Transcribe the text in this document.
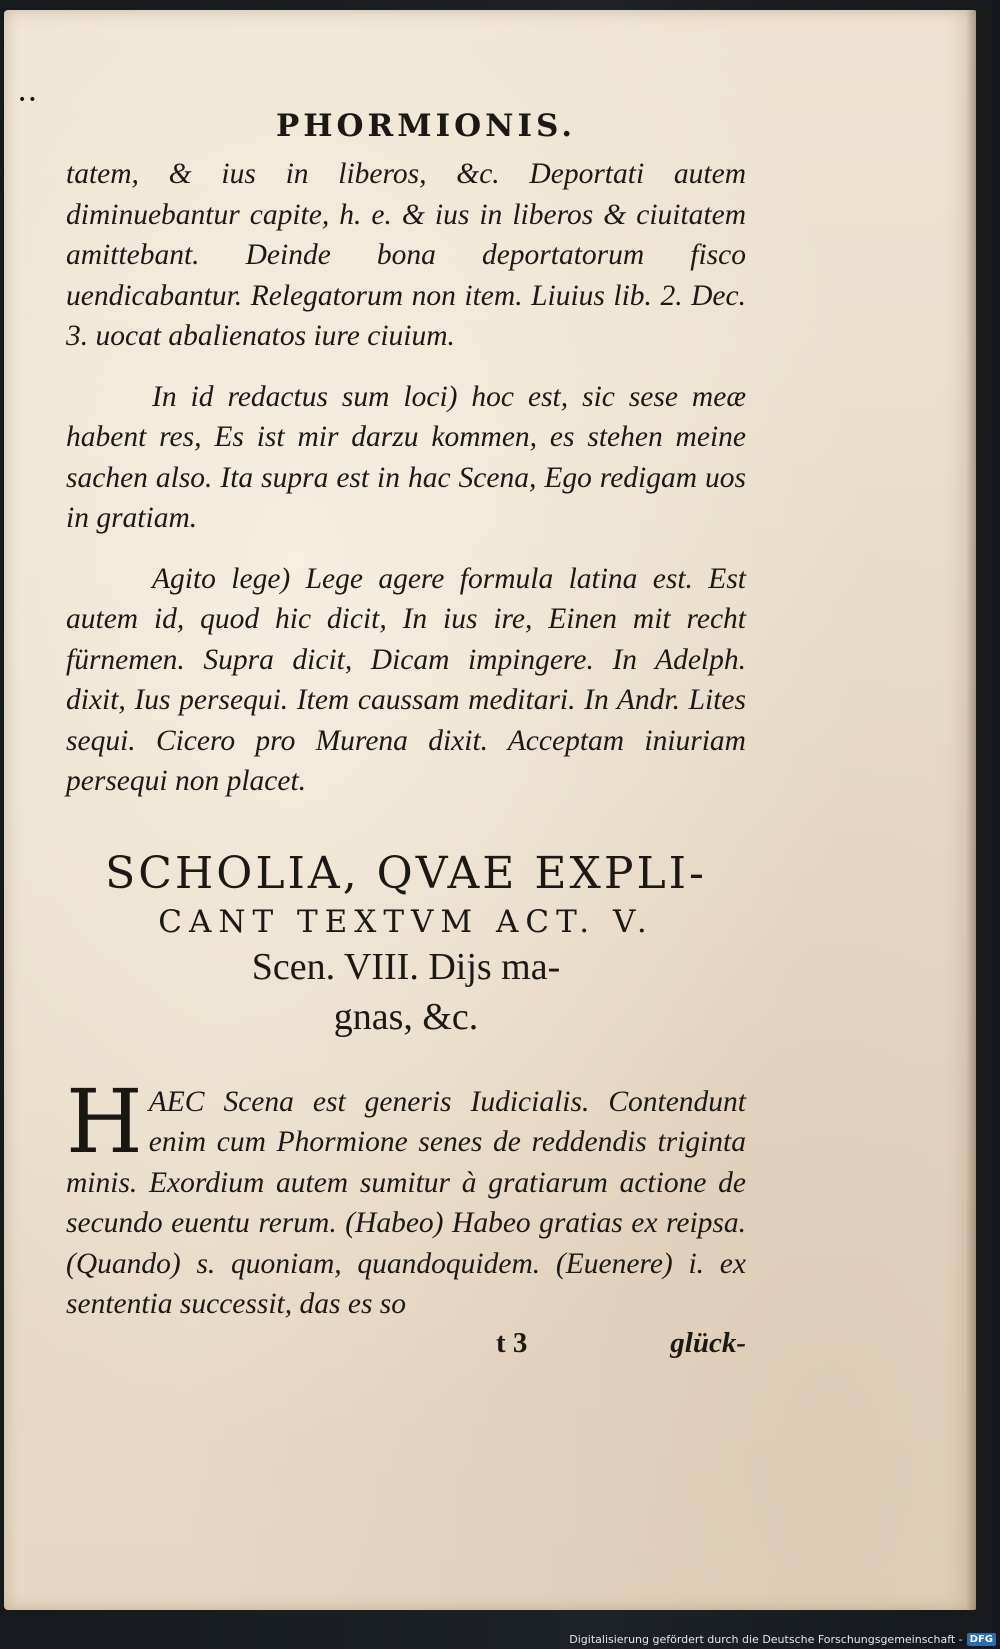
••
PHORMIONIS.

tatem, & ius in liberos, &c. Deportati autem diminuebantur capite, h. e. & ius in liberos & ciuitatem amittebant. Deinde bona deportatorum fisco uendicabantur. Relegatorum non item. Liuius lib. 2. Dec. 3. uocat abalienatos iure ciuium.

In id redactus sum loci) hoc est, sic sese meæ habent res, Es ist mir darzu kommen, es stehen meine sachen also. Ita supra est in hac Scena, Ego redigam uos in gratiam.

Agito lege) Lege agere formula latina est. Est autem id, quod hic dicit, In ius ire, Einen mit recht fürnemen. Supra dicit, Dicam impingere. In Adelph. dixit, Ius persequi. Item caussam meditari. In Andr. Lites sequi. Cicero pro Murena dixit. Acceptam iniuriam persequi non placet.

SCHOLIA, QVAE EXPLI-
CANT TEXTVM ACT. V.
Scen. VIII. Dijs ma-
gnas, &c.
H AEC Scena est generis Iudicialis. Contendunt enim cum Phormione senes de reddendis triginta minis. Exordium autem sumitur à gratiarum actione de secundo euentu rerum. (Habeo) Habeo gratias ex reipsa. (Quando) s. quoniam, quandoquidem. (Euenere) i. ex sententia successit, das es so

t 3	glück-
Digitalisierung gefördert durch die Deutsche Forschungsgemeinschaft - DFG
